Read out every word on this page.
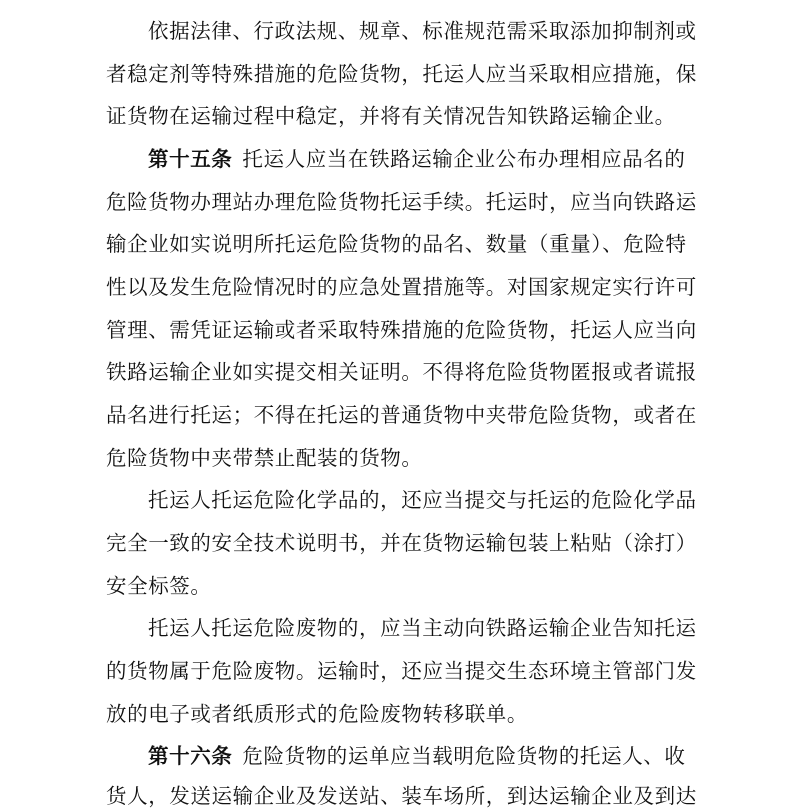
依据法律、行政法规、规章、标准规范需采取添加抑制剂或
者稳定剂等特殊措施的危险货物，托运人应当采取相应措施，保
证货物在运输过程中稳定，并将有关情况告知铁路运输企业。
第十五条 托运人应当在铁路运输企业公布办理相应品名的
危险货物办理站办理危险货物托运手续。托运时，应当向铁路运
输企业如实说明所托运危险货物的品名、数量（重量）、危险特
性以及发生危险情况时的应急处置措施等。对国家规定实行许可
管理、需凭证运输或者采取特殊措施的危险货物，托运人应当向
铁路运输企业如实提交相关证明。不得将危险货物匿报或者谎报
品名进行托运；不得在托运的普通货物中夹带危险货物，或者在
危险货物中夹带禁止配装的货物。
托运人托运危险化学品的，还应当提交与托运的危险化学品
完全一致的安全技术说明书，并在货物运输包装上粘贴（涂打）
安全标签。
托运人托运危险废物的，应当主动向铁路运输企业告知托运
的货物属于危险废物。运输时，还应当提交生态环境主管部门发
放的电子或者纸质形式的危险废物转移联单。
第十六条 危险货物的运单应当载明危险货物的托运人、收
货人，发送运输企业及发送站、装车场所，到达运输企业及到达
